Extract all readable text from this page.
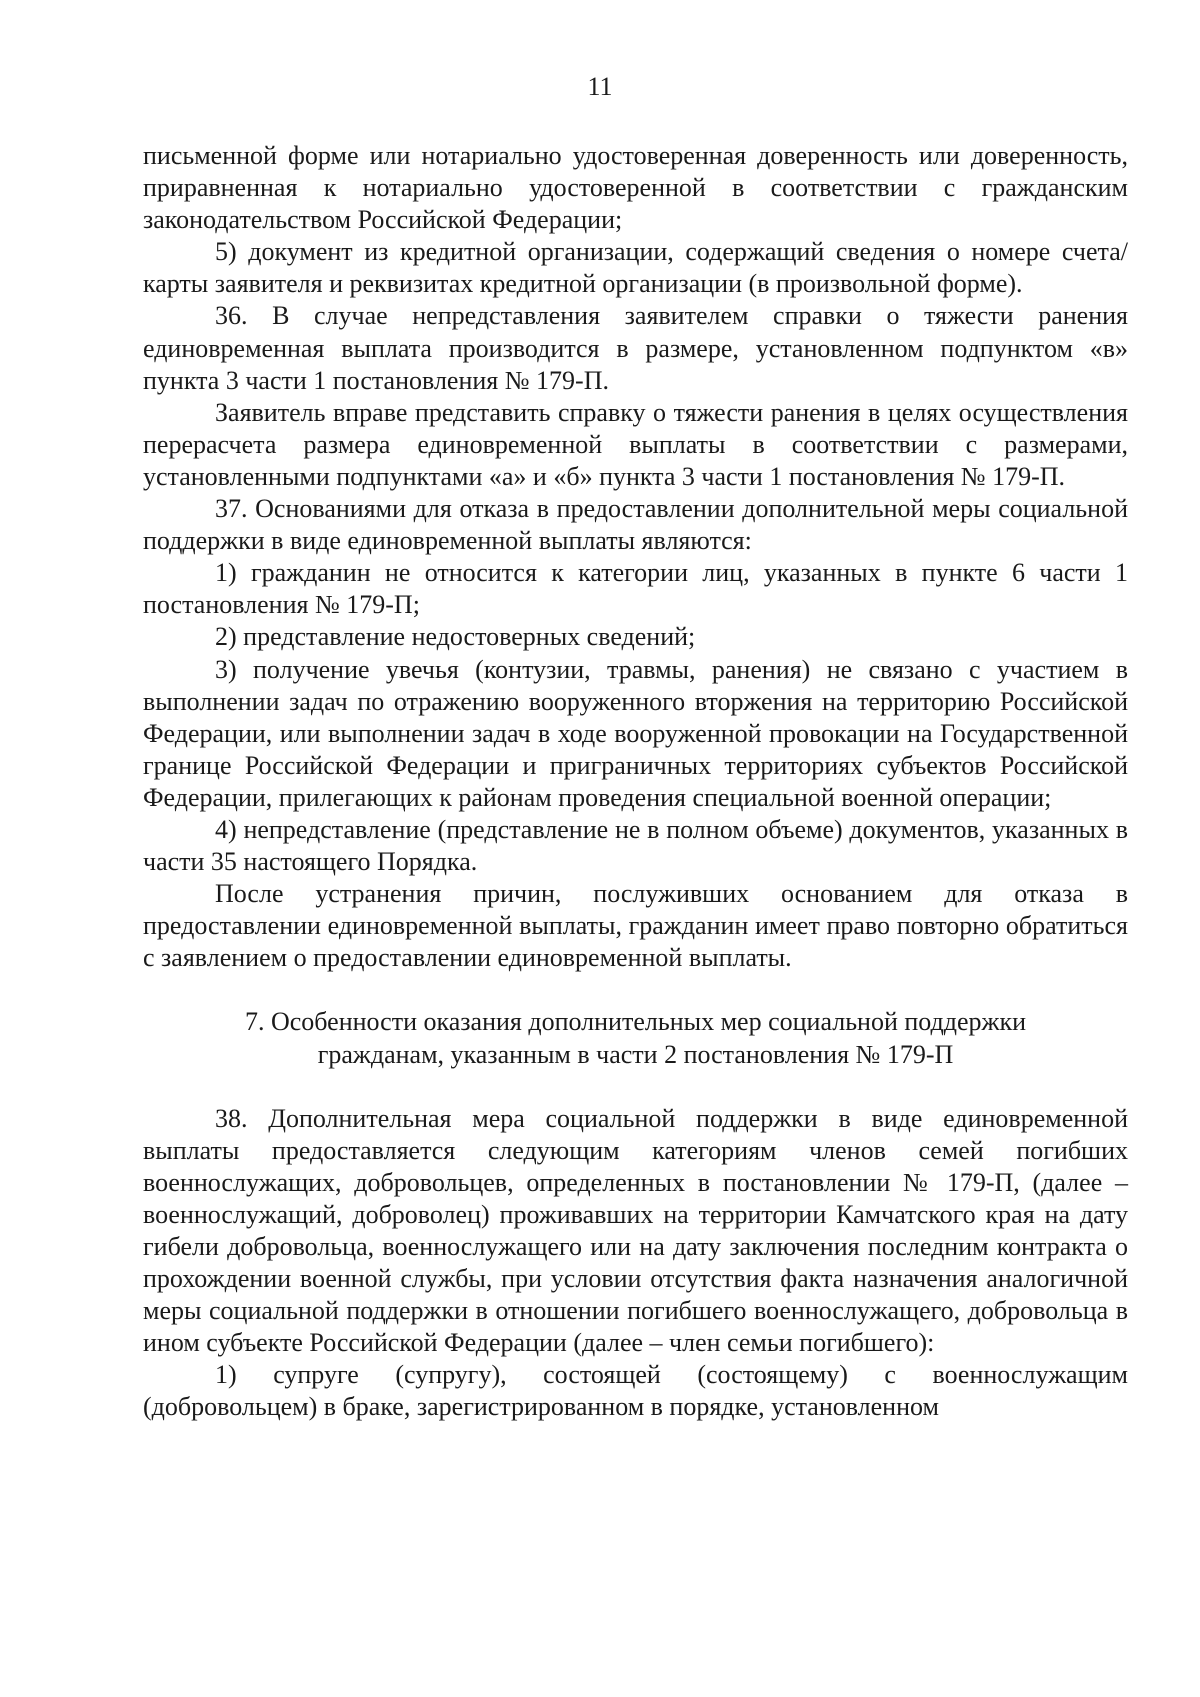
11

письменной форме или нотариально удостоверенная доверенность или доверенность, приравненная к нотариально удостоверенной в соответствии с гражданским законодательством Российской Федерации;

5) документ из кредитной организации, содержащий сведения о номере счета/карты заявителя и реквизитах кредитной организации (в произвольной форме).

36. В случае непредставления заявителем справки о тяжести ранения единовременная выплата производится в размере, установленном подпунктом «в» пункта 3 части 1 постановления № 179-П.

Заявитель вправе представить справку о тяжести ранения в целях осуществления перерасчета размера единовременной выплаты в соответствии с размерами, установленными подпунктами «а» и «б» пункта 3 части 1 постановления № 179-П.

37. Основаниями для отказа в предоставлении дополнительной меры социальной поддержки в виде единовременной выплаты являются:

1) гражданин не относится к категории лиц, указанных в пункте 6 части 1 постановления № 179-П;

2) представление недостоверных сведений;

3) получение увечья (контузии, травмы, ранения) не связано с участием в выполнении задач по отражению вооруженного вторжения на территорию Российской Федерации, или выполнении задач в ходе вооруженной провокации на Государственной границе Российской Федерации и приграничных территориях субъектов Российской Федерации, прилегающих к районам проведения специальной военной операции;

4) непредставление (представление не в полном объеме) документов, указанных в части 35 настоящего Порядка.

После устранения причин, послуживших основанием для отказа в предоставлении единовременной выплаты, гражданин имеет право повторно обратиться с заявлением о предоставлении единовременной выплаты.

7. Особенности оказания дополнительных мер социальной поддержки
гражданам, указанным в части 2 постановления № 179-П

38. Дополнительная мера социальной поддержки в виде единовременной выплаты предоставляется следующим категориям членов семей погибших военнослужащих, добровольцев, определенных в постановлении № 179-П, (далее – военнослужащий, доброволец) проживавших на территории Камчатского края на дату гибели добровольца, военнослужащего или на дату заключения последним контракта о прохождении военной службы, при условии отсутствия факта назначения аналогичной меры социальной поддержки в отношении погибшего военнослужащего, добровольца в ином субъекте Российской Федерации (далее – член семьи погибшего):

1) супруге (супругу), состоящей (состоящему) с военнослужащим (добровольцем) в браке, зарегистрированном в порядке, установленном
